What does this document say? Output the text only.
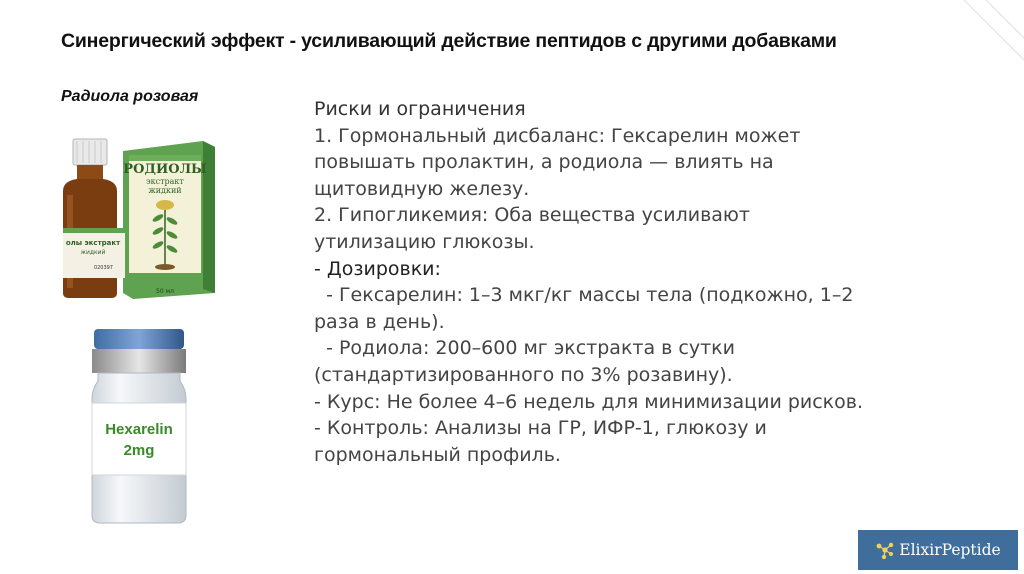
Синергический эффект - усиливающий действие пептидов с другими добавками
Радиола розовая
Риски и ограничения
1. Гормональный дисбаланс: Гексарелин может
повышать пролактин, а родиола — влиять на
щитовидную железу.
2. Гипогликемия: Оба вещества усиливают
утилизацию глюкозы.
- Дозировки:
- Гексарелин: 1–3 мкг/кг массы тела (подкожно, 1–2
раза в день).
- Родиола: 200–600 мг экстракта в сутки
(стандартизированного по 3% розавину).
- Курс: Не более 4–6 недель для минимизации рисков.
- Контроль: Анализы на ГР, ИФР-1, глюкозу и
гормональный профиль.
РОДИОЛЫ
экстракт
жидкий
50 мл
олы экстракт
жидкий
020397
Hexarelin
2mg
ElixirPeptide
